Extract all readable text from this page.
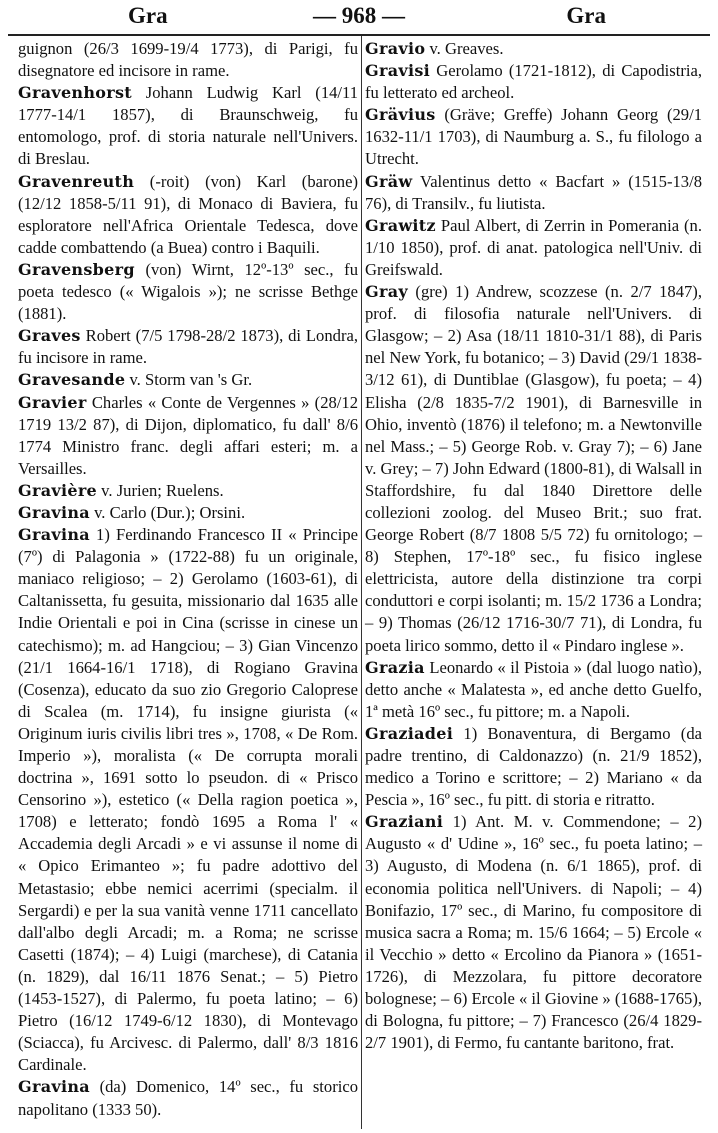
— 968 —
Gra	Gra

guignon (26/3 1699-19/4 1773), di Parigi, fu disegnatore ed incisore in rame.

Gravenhorst Johann Ludwig Karl (14/11 1777-14/1 1857), di Braunschweig, fu entomologo, prof. di storia naturale nell'Univers. di Breslau.

Gravenreuth (-roit) (von) Karl (barone) (12/12 1858-5/11 91), di Monaco di Baviera, fu esploratore nell'Africa Orientale Tedesca, dove cadde combattendo (a Buea) contro i Baquili.

Gravensberg (von) Wirnt, 12º-13º sec., fu poeta tedesco (« Wigalois »); ne scrisse Bethge (1881).

Graves Robert (7/5 1798-28/2 1873), di Londra, fu incisore in rame.

Gravesande v. Storm van 's Gr.

Gravier Charles « Conte de Vergennes » (28/12 1719 13/2 87), di Dijon, diplomatico, fu dall' 8/6 1774 Ministro franc. degli affari esteri; m. a Versailles.

Gravière v. Jurien; Ruelens.

Gravina v. Carlo (Dur.); Orsini.

Gravina 1) Ferdinando Francesco II « Principe (7º) di Palagonia » (1722-88) fu un originale, maniaco religioso; – 2) Gerolamo (1603-61), di Caltanissetta, fu gesuita, missionario dal 1635 alle Indie Orientali e poi in Cina (scrisse in cinese un catechismo); m. ad Hangciou; – 3) Gian Vincenzo (21/1 1664-16/1 1718), di Rogiano Gravina (Cosenza), educato da suo zio Gregorio Caloprese di Scalea (m. 1714), fu insigne giurista (« Originum iuris civilis libri tres », 1708, « De Rom. Imperio »), moralista (« De corrupta morali doctrina », 1691 sotto lo pseudon. di « Prisco Censorino »), estetico (« Della ragion poetica », 1708) e letterato; fondò 1695 a Roma l' « Accademia degli Arcadi » e vi assunse il nome di « Opico Erimanteo »; fu padre adottivo del Metastasio; ebbe nemici acerrimi (specialm. il Sergardi) e per la sua vanità venne 1711 cancellato dall'albo degli Arcadi; m. a Roma; ne scrisse Casetti (1874); – 4) Luigi (marchese), di Catania (n. 1829), dal 16/11 1876 Senat.; – 5) Pietro (1453-1527), di Palermo, fu poeta latino; – 6) Pietro (16/12 1749-6/12 1830), di Montevago (Sciacca), fu Arcivesc. di Palermo, dall' 8/3 1816 Cardinale.

Gravina (da) Domenico, 14º sec., fu storico napolitano (1333 50).

Gravio v. Greaves.

Gravisi Gerolamo (1721-1812), di Capodistria, fu letterato ed archeol.

Grävius (Gräve; Greffe) Johann Georg (29/1 1632-11/1 1703), di Naumburg a. S., fu filologo a Utrecht.

Gräw Valentinus detto « Bacfart » (1515-13/8 76), di Transilv., fu liutista.

Grawitz Paul Albert, di Zerrin in Pomerania (n. 1/10 1850), prof. di anat. patologica nell'Univ. di Greifswald.

Gray (gre) 1) Andrew, scozzese (n. 2/7 1847), prof. di filosofia naturale nell'Univers. di Glasgow; – 2) Asa (18/11 1810-31/1 88), di Paris nel New York, fu botanico; – 3) David (29/1 1838-3/12 61), di Duntiblae (Glasgow), fu poeta; – 4) Elisha (2/8 1835-7/2 1901), di Barnesville in Ohio, inventò (1876) il telefono; m. a Newtonville nel Mass.; – 5) George Rob. v. Gray 7); – 6) Jane v. Grey; – 7) John Edward (1800-81), di Walsall in Staffordshire, fu dal 1840 Direttore delle collezioni zoolog. del Museo Brit.; suo frat. George Robert (8/7 1808 5/5 72) fu ornitologo; – 8) Stephen, 17º-18º sec., fu fisico inglese elettricista, autore della distinzione tra corpi conduttori e corpi isolanti; m. 15/2 1736 a Londra; – 9) Thomas (26/12 1716-30/7 71), di Londra, fu poeta lirico sommo, detto il « Pindaro inglese ».

Grazia Leonardo « il Pistoia » (dal luogo natìo), detto anche « Malatesta », ed anche detto Guelfo, 1ª metà 16º sec., fu pittore; m. a Napoli.

Graziadei 1) Bonaventura, di Bergamo (da padre trentino, di Caldonazzo) (n. 21/9 1852), medico a Torino e scrittore; – 2) Mariano « da Pescia », 16º sec., fu pitt. di storia e ritratto.

Graziani 1) Ant. M. v. Commendone; – 2) Augusto « d' Udine », 16º sec., fu poeta latino; – 3) Augusto, di Modena (n. 6/1 1865), prof. di economia politica nell'Univers. di Napoli; – 4) Bonifazio, 17º sec., di Marino, fu compositore di musica sacra a Roma; m. 15/6 1664; – 5) Ercole « il Vecchio » detto « Ercolino da Pianora » (1651-1726), di Mezzolara, fu pittore decoratore bolognese; – 6) Ercole « il Giovine » (1688-1765), di Bologna, fu pittore; – 7) Francesco (26/4 1829-2/7 1901), di Fermo, fu cantante baritono, frat.
